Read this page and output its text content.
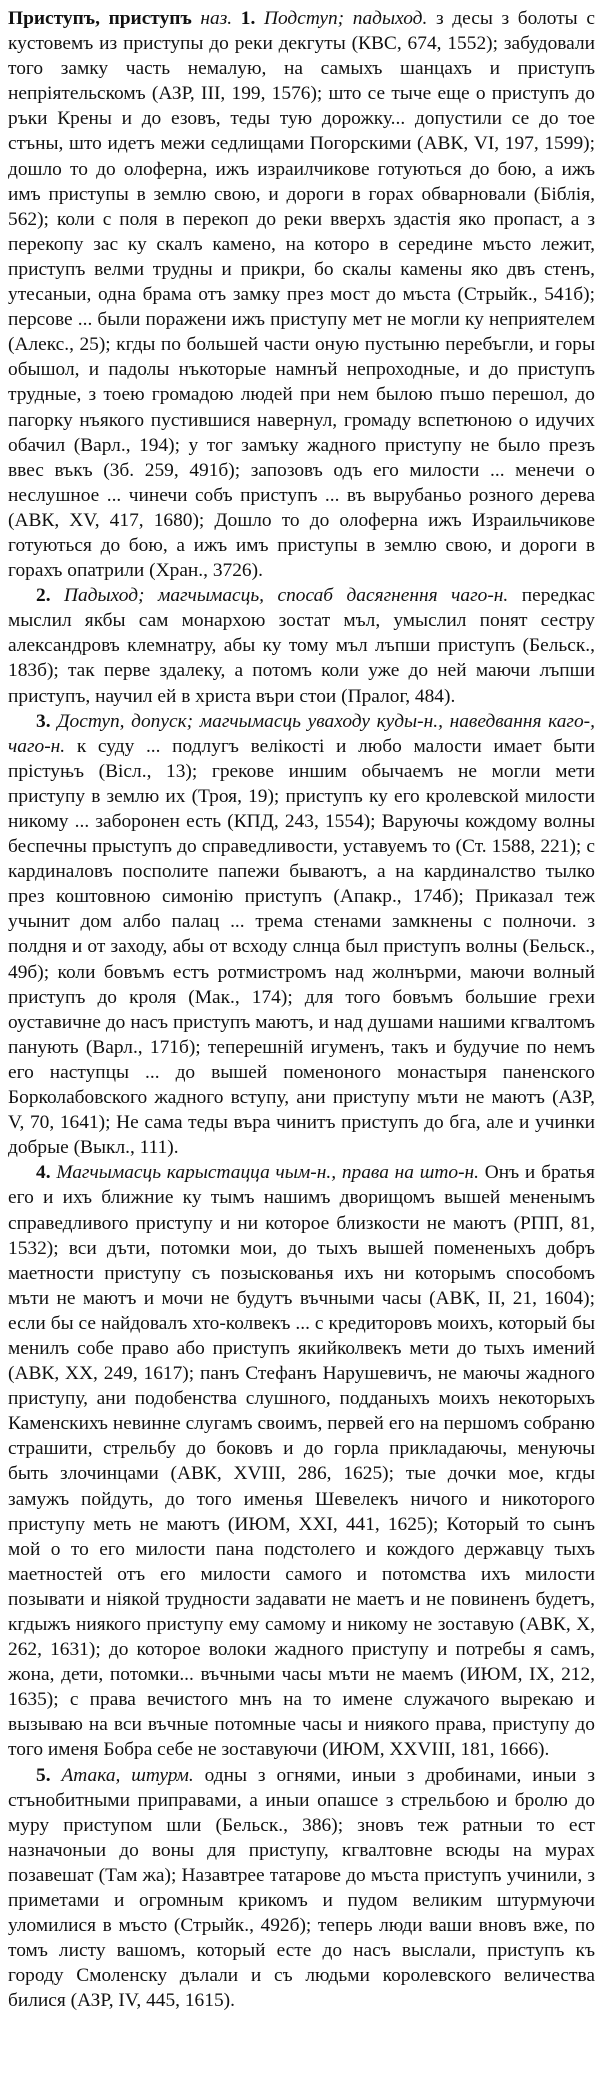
Приступъ, приступъ наз. 1. Подступ; падыход. з десы з болоты с кустовемъ из приступы до реки декгуты (КВС, 674, 1552); забудовали того замку часть немалую, на самыхъ шанцахъ и приступъ непріятельскомъ (АЗР, III, 199, 1576); што се тыче еще о приступъ до ръки Крены и до езовъ, теды тую дорожку... допустили се до тое стъны, што идетъ межи седлищами Погорскими (АВК, VI, 197, 1599); дошло то до олоферна, ижъ израилчикове готуються до бою, а ижъ имъ приступы в землю свою, и дороги в горах обварновали (Біблія, 562); коли с поля в перекоп до реки вверхъ здастія яко пропаст, а з перекопу зас ку скалъ камено, на которо в середине мъсто лежит, приступъ велми трудны и прикри, бо скалы камены яко двъ стенъ, утесаныи, одна брама отъ замку през мост до мъста (Стрыйк., 541б); персове ... были поражени ижъ приступу мет не могли ку неприятелем (Алекс., 25); кгды по большей части оную пустыню перебъгли, и горы обышол, и падолы нъкоторые намнъй непроходные, и до приступъ трудные, з тоею громадою людей при нем былою пъшо перешол, до пагорку нъякого пустившися навернул, громаду вспетюною о идучих обачил (Варл., 194); у тог замъку жадного приступу не было презъ ввес въкъ (3б. 259, 491б); запозовъ одъ его милости ... менечи о неслушное ... чинечи собъ приступъ ... въ вырубаньо розного дерева (АВК, XV, 417, 1680); Дошло то до олоферна ижъ Израильчикове готуються до бою, а ижъ имъ приступы в землю свою, и дороги в горахъ опатрили (Хран., 3726).

2. Падыход; магчымасць, спосаб дасягнення чаго-н. передкас мыслил якбы сам монархою зостат мъл, умыслил понят сестру александровъ клемнатру, абы ку тому мъл лъпши приступъ (Бельск., 183б); так перве здалеку, а потомъ коли уже до ней маючи лъпши приступъ, научил ей в христа въри стои (Пралог, 484).

3. Доступ, допуск; магчымасць уваходу куды-н., наведвання каго-, чаго-н. к суду ... подлугъ велікості и любо малости имает быти прістуњъ (Вісл., 13); грекове иншим обычаемъ не могли мети приступу в землю их (Троя, 19); приступъ ку его кролевской милости никому ... заборонен есть (КПД, 243, 1554); Варуючы кождому волны беспечны прыступъ до справедливости, уставуемъ то (Ст. 1588, 221); с кардиналовъ посполите папежи бываютъ, а на кардиналство тылко през коштовною симонію приступъ (Апакр., 174б); Приказал теж учынит дом албо палац ... трема стенами замкнены с полночи. з полдня и от заходу, абы от всходу слнца был приступъ волны (Бельск., 49б); коли бовъмъ естъ ротмистромъ над жолнърми, маючи волный приступъ до кроля (Мак., 174); для того бовъмъ большие грехи оуставичне до насъ приступъ маютъ, и над душами нашими кгвалтомъ панують (Варл., 171б); теперешній игуменъ, такъ и будучие по немъ его наступцы ... до вышей поменоного монастыря паненского Борколабовского жадного вступу, ани приступу мъти не маютъ (АЗР, V, 70, 1641); Не сама теды въра чинитъ приступъ до бга, але и учинки добрые (Выкл., 111).

4. Магчымасць карыстацца чым-н., права на што-н. Онъ и братья его и ихъ ближние ку тымъ нашимъ дворищомъ вышей мененымъ справедливого приступу и ни которое близкости не маютъ (РПП, 81, 1532); вси дъти, потомки мои, до тыхъ вышей помененыхъ добръ маетности приступу съ позыскованья ихъ ни которымъ способомъ мъти не маютъ и мочи не будутъ въчными часы (АВК, II, 21, 1604); если бы се найдовалъ хто-колвекъ ... с кредиторовъ моихъ, который бы менилъ собе право або приступъ якийколвекъ мети до тыхъ имений (АВК, XX, 249, 1617); панъ Стефанъ Нарушевичъ, не маючы жадного приступу, ани подобенства слушного, подданыхъ моихъ некоторыхъ Каменскихъ невинне слугамъ своимъ, первей его на першомъ собраню страшити, стрельбу до боковъ и до горла прикладаючы, менуючы быть злочинцами (АВК, XVIII, 286, 1625); тые дочки мое, кгды замужъ пойдуть, до того именья Шевелекъ ничого и никоторого приступу меть не маютъ (ИЮМ, XXI, 441, 1625); Который то сынъ мой о то его милости пана подстолего и кождого державцу тыхъ маетностей отъ его милости самого и потомства ихъ милости позывати и ніякой трудности задавати не маетъ и не повиненъ будетъ, кгдыжъ ниякого приступу ему самому и никому не зоставую (АВК, X, 262, 1631); до которое волоки жадного приступу и потребы я самъ, жона, дети, потомки... въчными часы мъти не маемъ (ИЮМ, IX, 212, 1635); с права вечистого мнъ на то имене служачого вырекаю и вызываю на вси въчные потомные часы и ниякого права, приступу до того именя Бобра себе не зоставуючи (ИЮМ, XXVIII, 181, 1666).

5. Атака, штурм. одны з огнями, иныи з дробинами, иныи з стънобитными приправами, а иныи опашсе з стрельбою и бролю до муру приступом шли (Бельск., 386); зновъ теж ратныи то ест назначоныи до воны для приступу, кгвалтовне всюды на мурах позавешат (Там жа); Назавтрее татарове до мъста приступъ учинили, з приметами и огромным крикомъ и пудом великим штурмуючи уломилися в мъсто (Стрыйк., 492б); теперь люди ваши вновъ вже, по томъ листу вашомъ, который есте до насъ выслали, приступъ къ городу Смоленску дълали и съ людьми королевского величества билися (АЗР, IV, 445, 1615).
